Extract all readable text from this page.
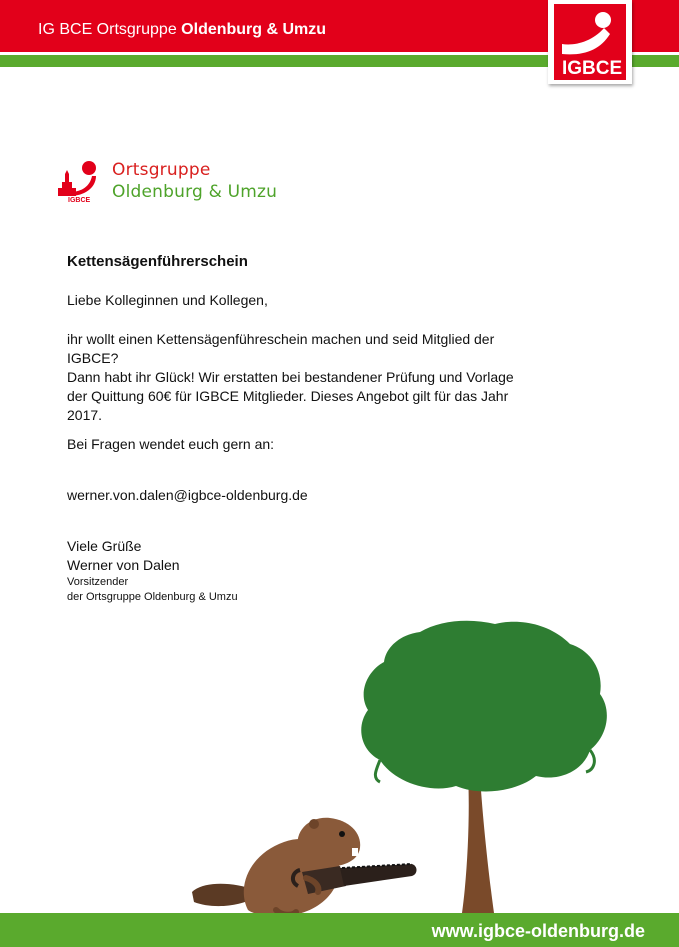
IG BCE Ortsgruppe Oldenburg & Umzu
IGBCE
IGBCE
Ortsgruppe
Oldenburg & Umzu
Kettensägenführerschein
Liebe Kolleginnen und Kollegen,
ihr wollt einen Kettensägenführeschein machen und seid Mitglied der
IGBCE?
Dann habt ihr Glück! Wir erstatten bei bestandener Prüfung und Vorlage
der Quittung 60€ für IGBCE Mitglieder. Dieses Angebot gilt für das Jahr
2017.
Bei Fragen wendet euch gern an:
werner.von.dalen@igbce-oldenburg.de
Viele Grüße
Werner von Dalen
Vorsitzender
der Ortsgruppe Oldenburg & Umzu
www.igbce-oldenburg.de
